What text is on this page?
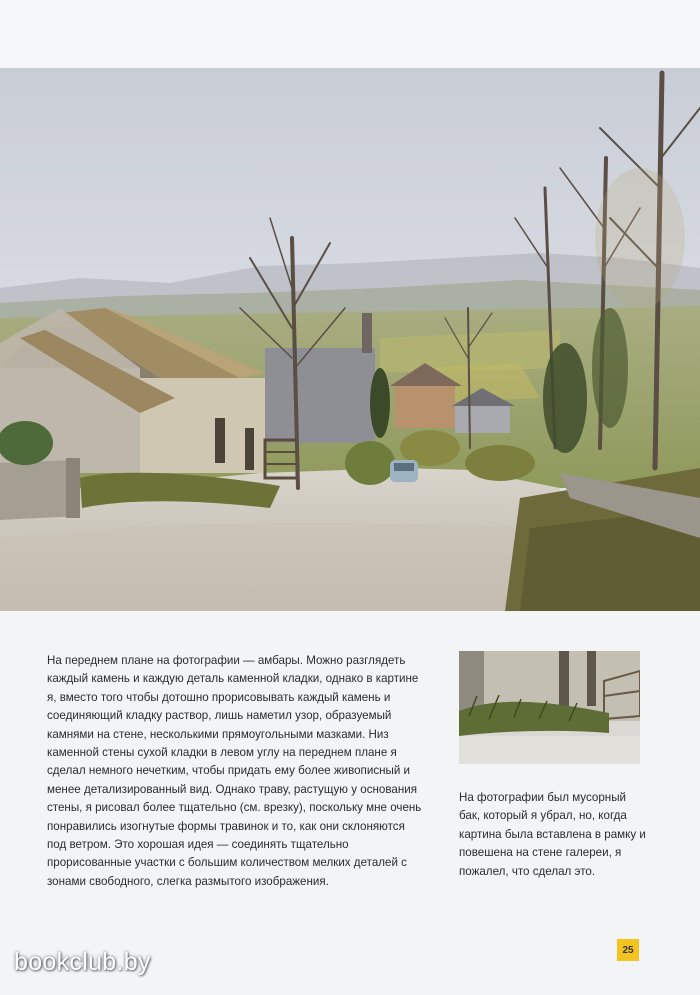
На переднем плане на фотографии — амбары. Можно разглядеть каждый камень и каждую деталь каменной кладки, однако в картине я, вместо того чтобы дотошно прорисовывать каждый камень и соединяющий кладку раствор, лишь наметил узор, образуемый камнями на стене, несколькими прямоугольными мазками. Низ каменной стены сухой кладки в левом углу на переднем плане я сделал немного нечетким, чтобы придать ему более живописный и менее детализированный вид. Однако траву, растущую у основания стены, я рисовал более тщательно (см. врезку), поскольку мне очень понравились изогнутые формы травинок и то, как они склоняются под ветром. Это хорошая идея — соединять тщательно прорисованные участки с большим количеством мелких деталей с зонами свободного, слегка размытого изображения.

На фотографии был мусорный бак, который я убрал, но, когда картина была вставлена в рамку и повешена на стене галереи, я пожалел, что сделал это.

25
bookclub.by
